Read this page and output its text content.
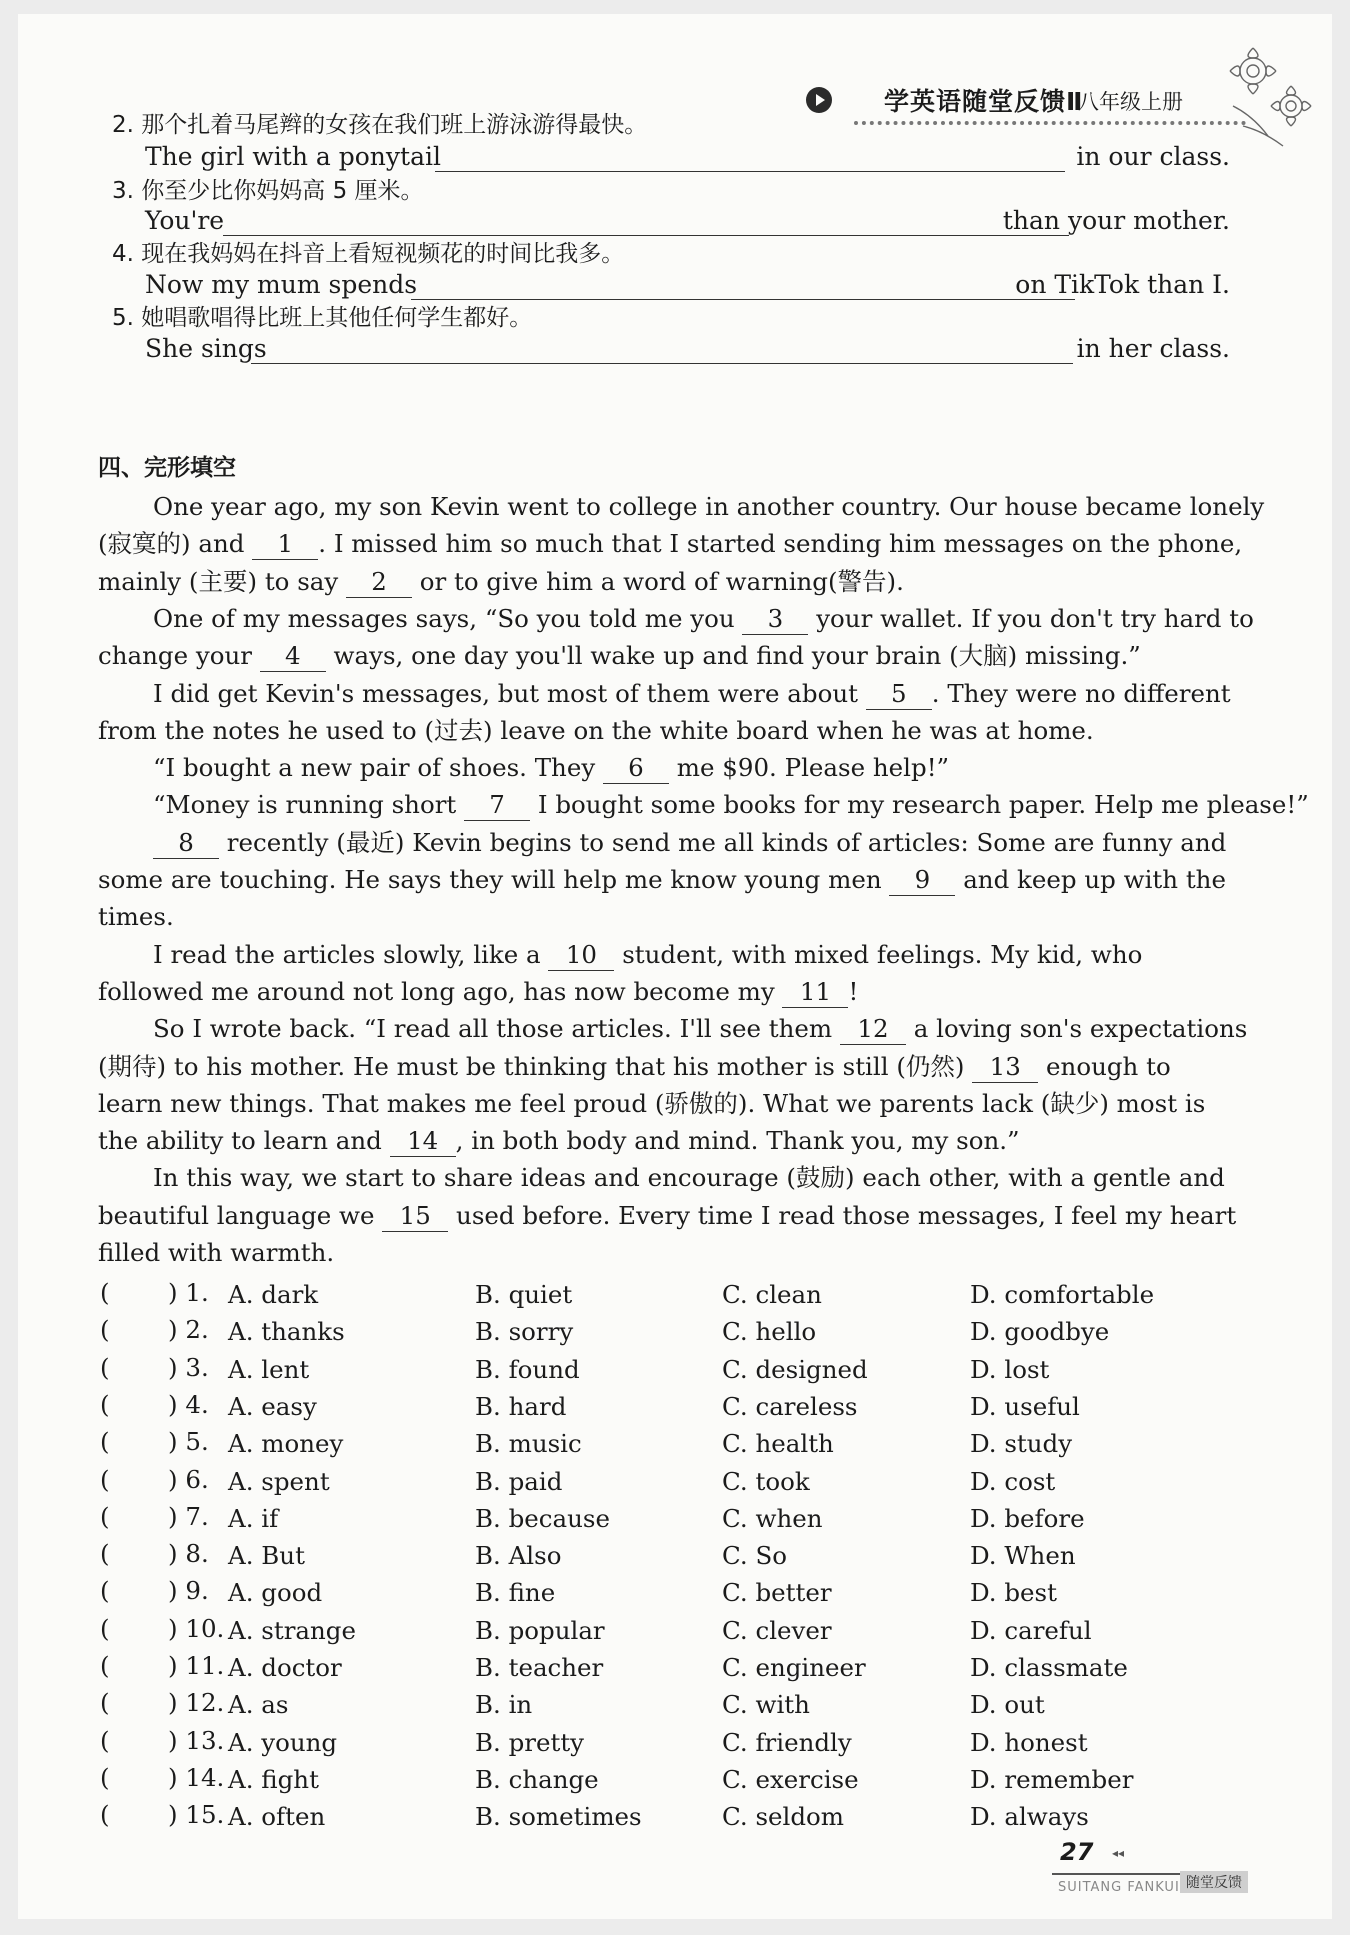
学英语随堂反馈Ⅱ
八年级上册
2. 那个扎着马尾辫的女孩在我们班上游泳游得最快。
The girl with a ponytail	in our class.
3. 你至少比你妈妈高 5 厘米。
You're	than your mother.
4. 现在我妈妈在抖音上看短视频花的时间比我多。
Now my mum spends	on TikTok than I.
5. 她唱歌唱得比班上其他任何学生都好。
She sings	in her class.
四、完形填空
One year ago, my son Kevin went to college in another country. Our house became lonely
(寂寞的) and 1 . I missed him so much that I started sending him messages on the phone,
mainly (主要) to say 2 or to give him a word of warning(警告).
One of my messages says, “So you told me you 3 your wallet. If you don't try hard to
change your 4 ways, one day you'll wake up and find your brain (大脑) missing.”
I did get Kevin's messages, but most of them were about 5 . They were no different
from the notes he used to (过去) leave on the white board when he was at home.
“I bought a new pair of shoes. They 6 me $90. Please help!”
“Money is running short 7 I bought some books for my research paper. Help me please!”
8 recently (最近) Kevin begins to send me all kinds of articles: Some are funny and
some are touching. He says they will help me know young men 9 and keep up with the
times.
I read the articles slowly, like a 10 student, with mixed feelings. My kid, who
followed me around not long ago, has now become my 11 !
So I wrote back. “I read all those articles. I'll see them 12 a loving son's expectations
(期待) to his mother. He must be thinking that his mother is still (仍然) 13 enough to
learn new things. That makes me feel proud (骄傲的). What we parents lack (缺少) most is
the ability to learn and 14 , in both body and mind. Thank you, my son.”
In this way, we start to share ideas and encourage (鼓励) each other, with a gentle and
beautiful language we 15 used before. Every time I read those messages, I feel my heart
filled with warmth.
( ) 1. A. dark	B. quiet	C. clean	D. comfortable
( ) 2. A. thanks	B. sorry	C. hello	D. goodbye
( ) 3. A. lent	B. found	C. designed	D. lost
( ) 4. A. easy	B. hard	C. careless	D. useful
( ) 5. A. money	B. music	C. health	D. study
( ) 6. A. spent	B. paid	C. took	D. cost
( ) 7. A. if	B. because	C. when	D. before
( ) 8. A. But	B. Also	C. So	D. When
( ) 9. A. good	B. fine	C. better	D. best
( ) 10. A. strange	B. popular	C. clever	D. careful
( ) 11. A. doctor	B. teacher	C. engineer	D. classmate
( ) 12. A. as	B. in	C. with	D. out
( ) 13. A. young	B. pretty	C. friendly	D. honest
( ) 14. A. fight	B. change	C. exercise	D. remember
( ) 15. A. often	B. sometimes	C. seldom	D. always
27 ◂◂
SUITANG FANKUI 随堂反馈
